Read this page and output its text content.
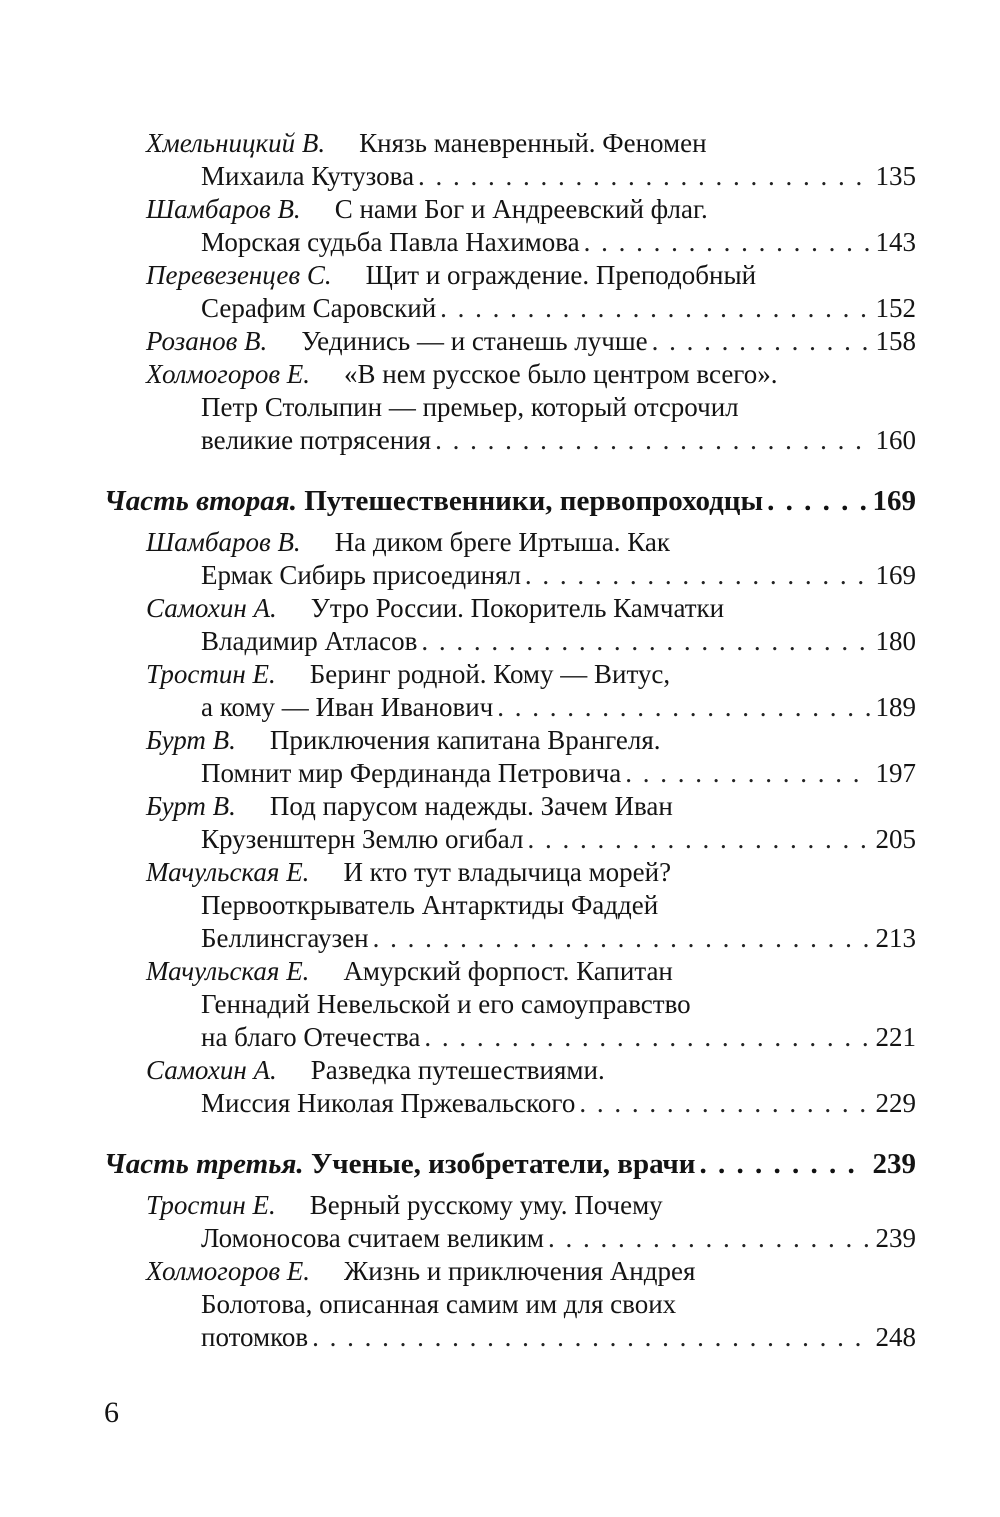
Хмельницкий В. Князь маневренный. Феномен
Михаила Кутузова . . .	135
Шамбаров В. С нами Бог и Андреевский флаг.
Морская судьба Павла Нахимова . . .	143
Перевезенцев С. Щит и ограждение. Преподобный
Серафим Саровский . . .	152
Розанов В. Уединись — и станешь лучше . . .	158
Холмогоров Е. «В нем русское было центром всего».
Петр Столыпин — премьер, который отсрочил
великие потрясения . . .	160
Часть вторая. Путешественники, первопроходцы . . .	169
Шамбаров В. На диком бреге Иртыша. Как
Ермак Сибирь присоединял . . .	169
Самохин А. Утро России. Покоритель Камчатки
Владимир Атласов . . .	180
Тростин Е. Беринг родной. Кому — Витус,
а кому — Иван Иванович . . .	189
Бурт В. Приключения капитана Врангеля.
Помнит мир Фердинанда Петровича . . .	197
Бурт В. Под парусом надежды. Зачем Иван
Крузенштерн Землю огибал . . .	205
Мачульская Е. И кто тут владычица морей?
Первооткрыватель Антарктиды Фаддей
Беллинсгаузен . . .	213
Мачульская Е. Амурский форпост. Капитан
Геннадий Невельской и его самоуправство
на благо Отечества . . .	221
Самохин А. Разведка путешествиями.
Миссия Николая Пржевальского . . .	229
Часть третья. Ученые, изобретатели, врачи . . .	239
Тростин Е. Верный русскому уму. Почему
Ломоносова считаем великим . . .	239
Холмогоров Е. Жизнь и приключения Андрея
Болотова, описанная самим им для своих
потомков . . .	248
6
